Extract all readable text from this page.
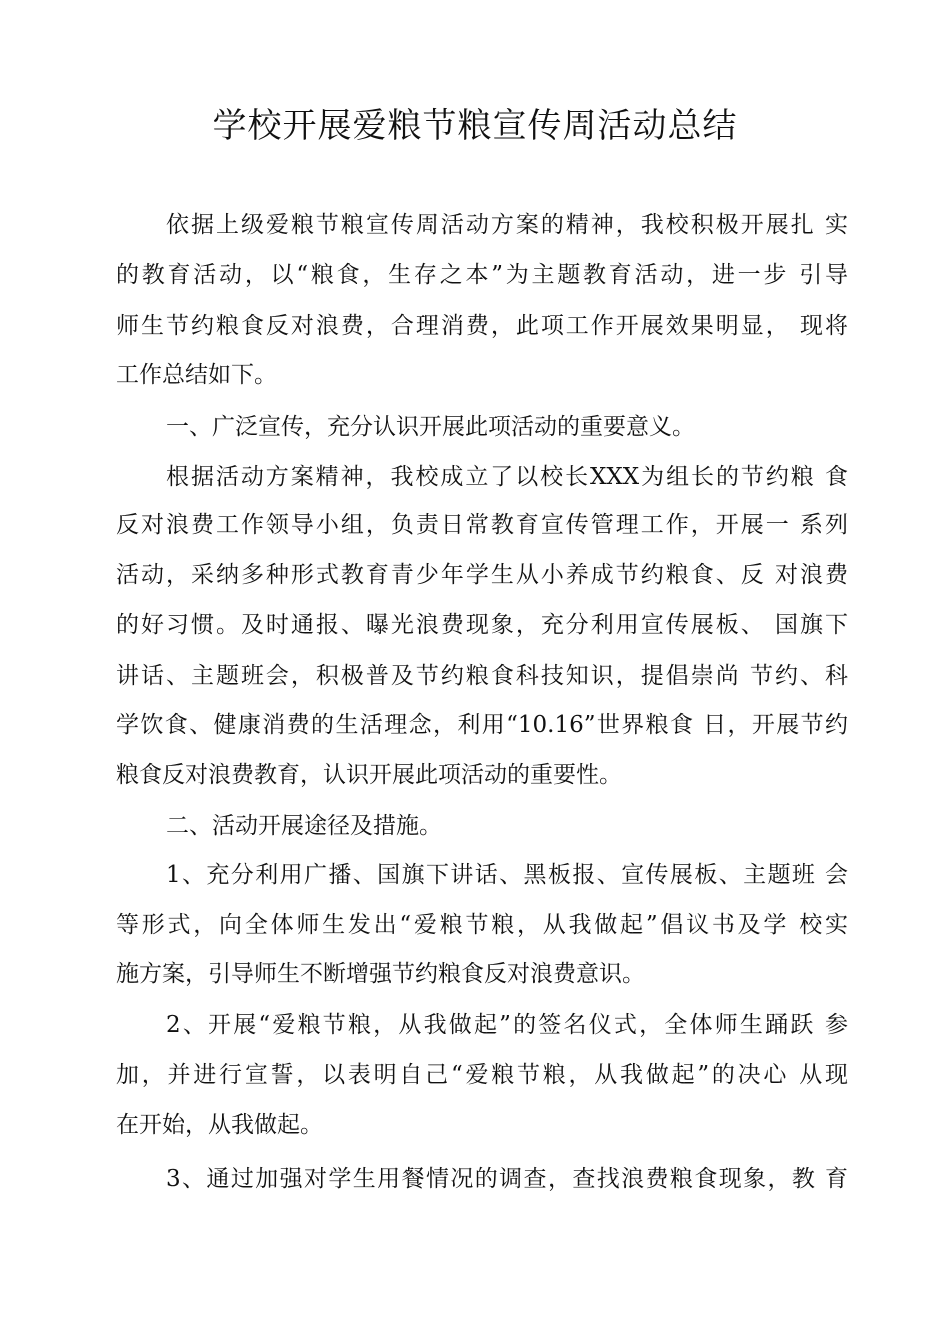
学校开展爱粮节粮宣传周活动总结

依据上级爱粮节粮宣传周活动方案的精神，我校积极开展扎 实

的教育活动，以“粮食，生存之本”为主题教育活动，进一步 引导

师生节约粮食反对浪费，合理消费，此项工作开展效果明显， 现将

工作总结如下。

一、广泛宣传，充分认识开展此项活动的重要意义。

根据活动方案精神，我校成立了以校长XXX为组长的节约粮 食

反对浪费工作领导小组，负责日常教育宣传管理工作，开展一 系列

活动，采纳多种形式教育青少年学生从小养成节约粮食、反 对浪费

的好习惯。及时通报、曝光浪费现象，充分利用宣传展板、 国旗下

讲话、主题班会，积极普及节约粮食科技知识，提倡崇尚 节约、科

学饮食、健康消费的生活理念，利用“10.16”世界粮食 日，开展节约

粮食反对浪费教育，认识开展此项活动的重要性。

二、活动开展途径及措施。

1、充分利用广播、国旗下讲话、黑板报、宣传展板、主题班 会

等形式，向全体师生发出“爱粮节粮，从我做起”倡议书及学 校实

施方案，引导师生不断增强节约粮食反对浪费意识。

2、开展“爱粮节粮，从我做起”的签名仪式，全体师生踊跃 参

加，并进行宣誓，以表明自己“爱粮节粮，从我做起”的决心 从现

在开始，从我做起。

3、通过加强对学生用餐情况的调查，查找浪费粮食现象，教 育
